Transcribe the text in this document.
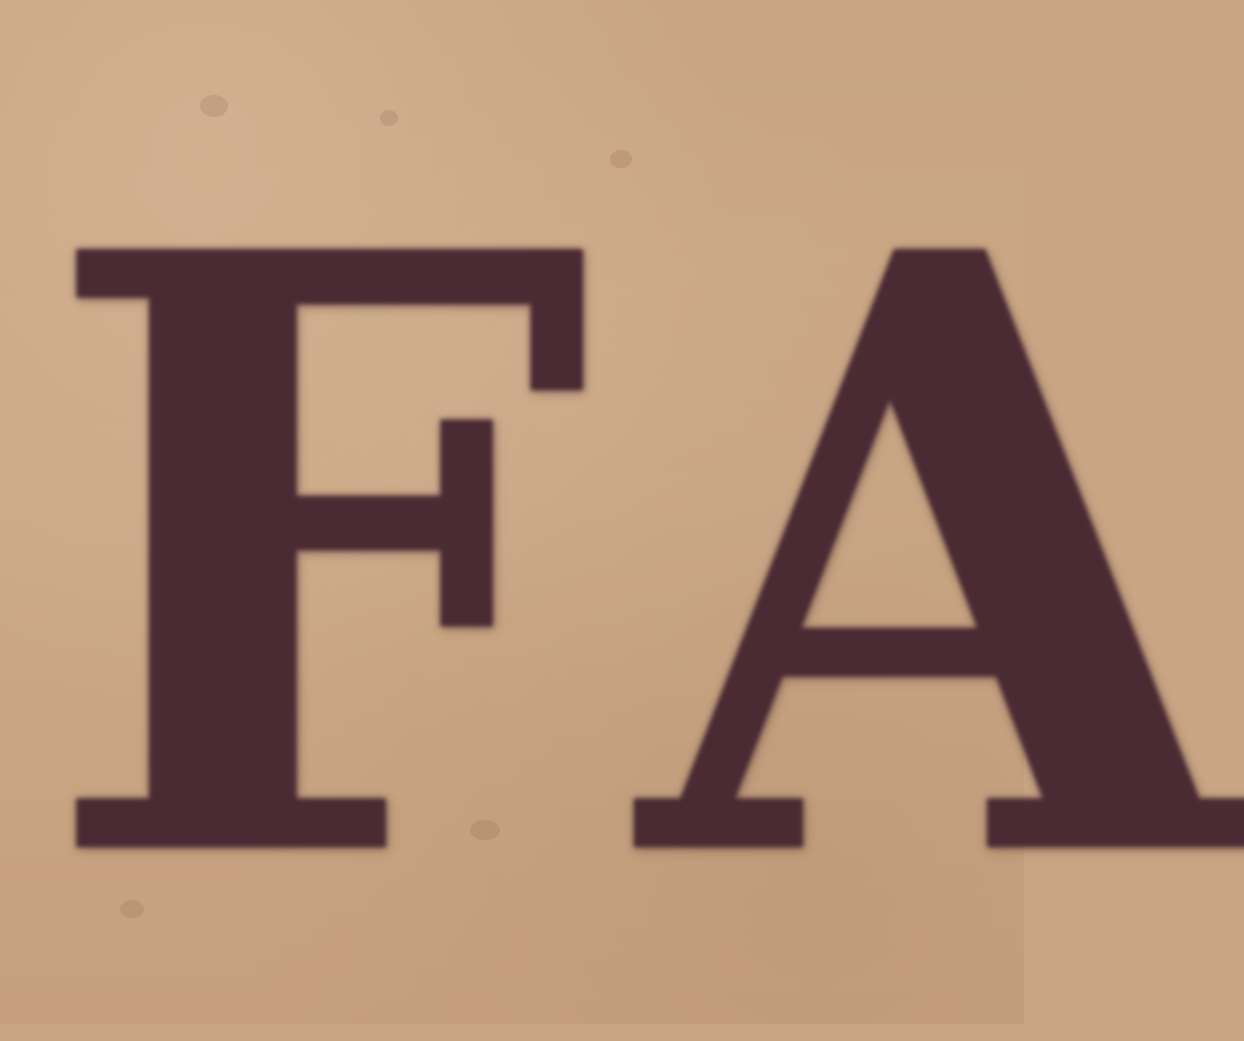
F A
